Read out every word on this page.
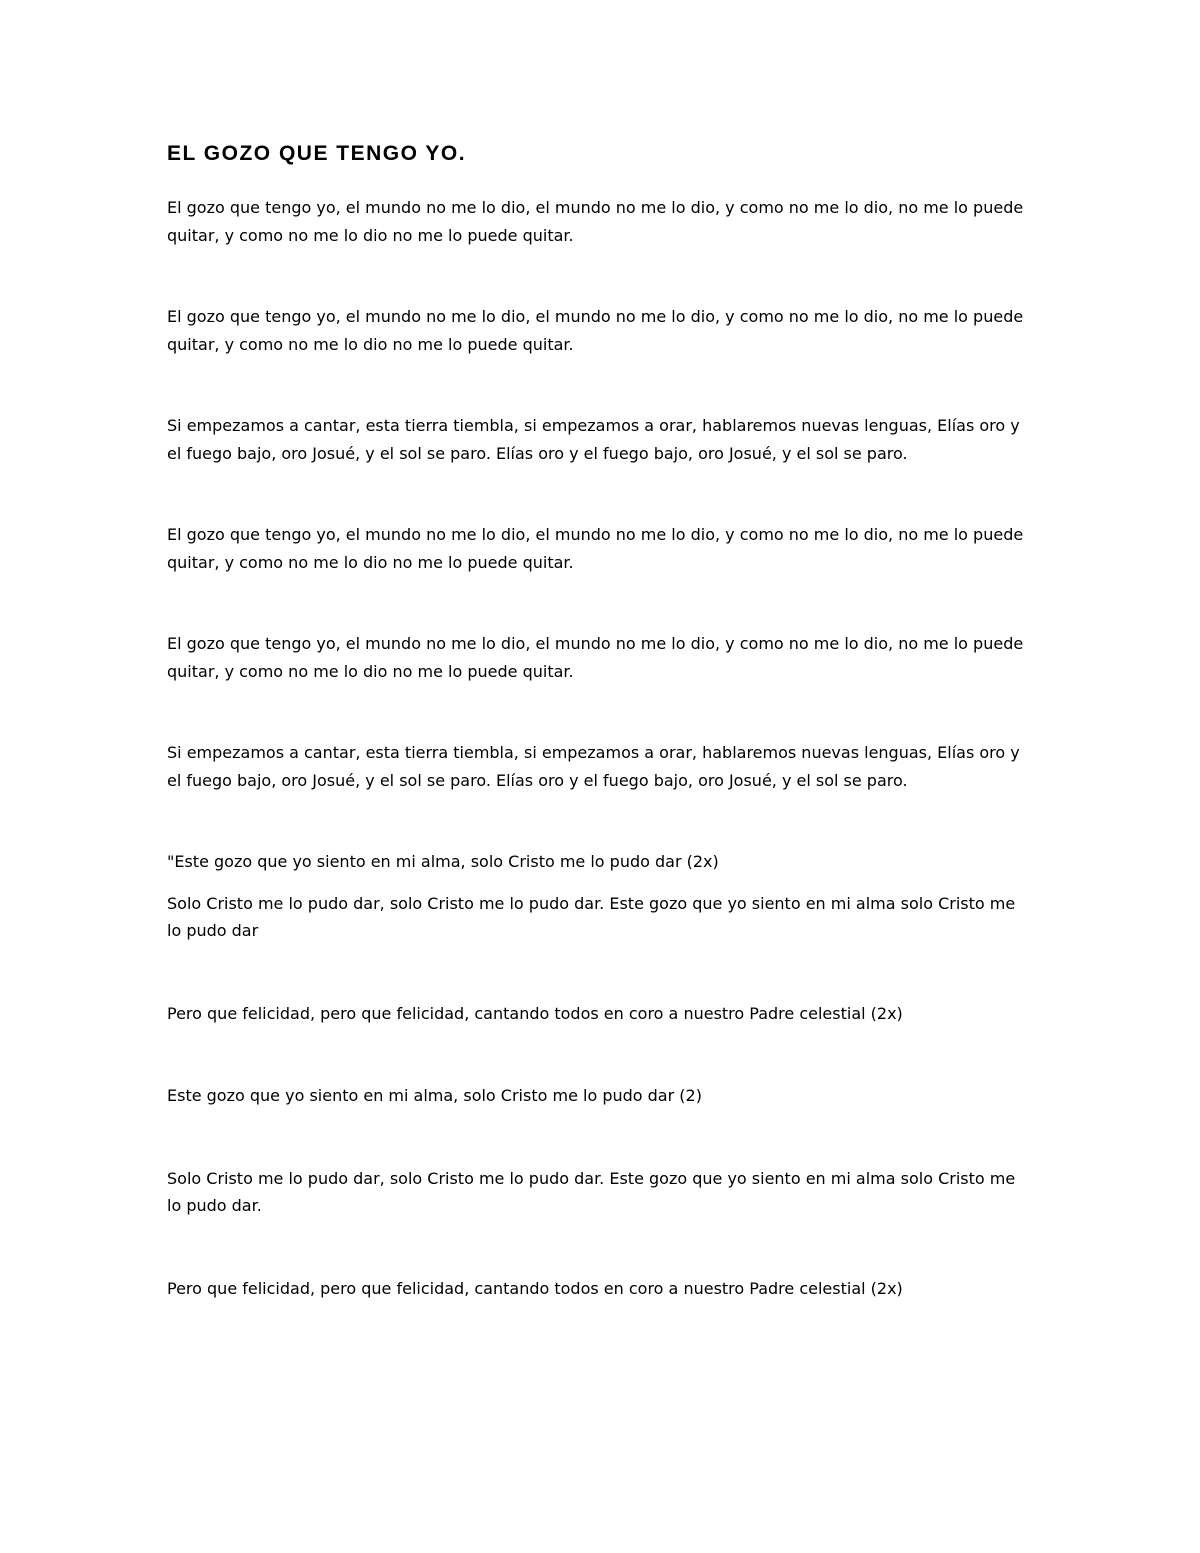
EL GOZO QUE TENGO YO.

El gozo que tengo yo, el mundo no me lo dio, el mundo no me lo dio, y como no me lo dio, no me lo puede quitar, y como no me lo dio no me lo puede quitar.

El gozo que tengo yo, el mundo no me lo dio, el mundo no me lo dio, y como no me lo dio, no me lo puede quitar, y como no me lo dio no me lo puede quitar.

Si empezamos a cantar, esta tierra tiembla, si empezamos a orar, hablaremos nuevas lenguas, Elías oro y el fuego bajo, oro Josué, y el sol se paro. Elías oro y el fuego bajo, oro Josué, y el sol se paro.

El gozo que tengo yo, el mundo no me lo dio, el mundo no me lo dio, y como no me lo dio, no me lo puede quitar, y como no me lo dio no me lo puede quitar.

El gozo que tengo yo, el mundo no me lo dio, el mundo no me lo dio, y como no me lo dio, no me lo puede quitar, y como no me lo dio no me lo puede quitar.

Si empezamos a cantar, esta tierra tiembla, si empezamos a orar, hablaremos nuevas lenguas, Elías oro y el fuego bajo, oro Josué, y el sol se paro. Elías oro y el fuego bajo, oro Josué, y el sol se paro.

"Este gozo que yo siento en mi alma, solo Cristo me lo pudo dar (2x)

Solo Cristo me lo pudo dar, solo Cristo me lo pudo dar. Este gozo que yo siento en mi alma solo Cristo me lo pudo dar

Pero que felicidad, pero que felicidad, cantando todos en coro a nuestro Padre celestial (2x)

Este gozo que yo siento en mi alma, solo Cristo me lo pudo dar (2)

Solo Cristo me lo pudo dar, solo Cristo me lo pudo dar. Este gozo que yo siento en mi alma solo Cristo me lo pudo dar.

Pero que felicidad, pero que felicidad, cantando todos en coro a nuestro Padre celestial (2x)
